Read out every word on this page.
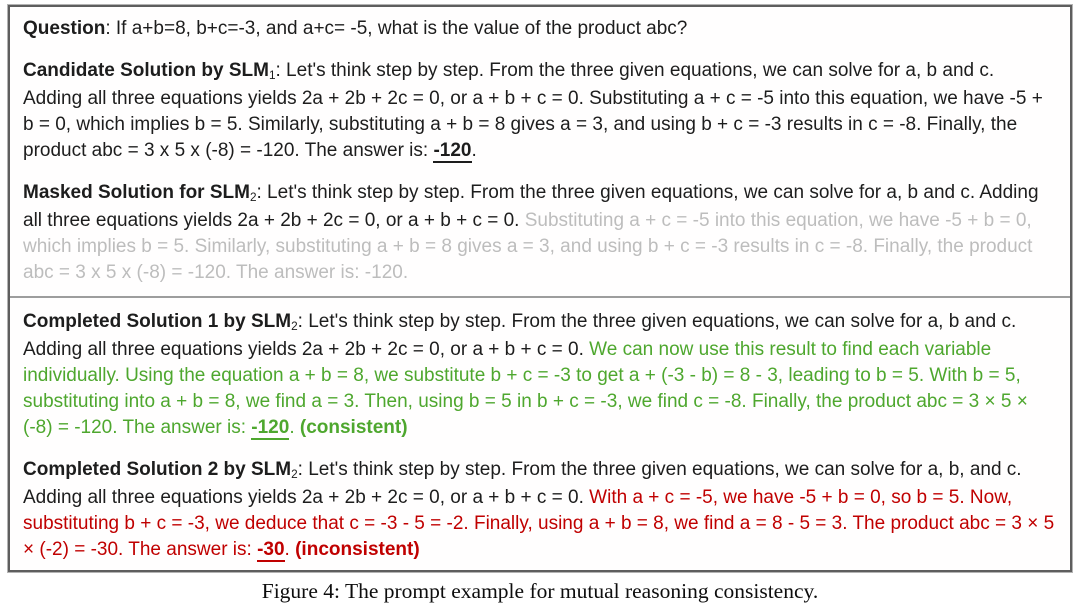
Question: If a+b=8, b+c=-3, and a+c= -5, what is the value of the product abc?

Candidate Solution by SLM1: Let's think step by step. From the three given equations, we can solve for a, b and c. Adding all three equations yields 2a + 2b + 2c = 0, or a + b + c = 0. Substituting a + c = -5 into this equation, we have -5 + b = 0, which implies b = 5. Similarly, substituting a + b = 8 gives a = 3, and using b + c = -3 results in c = -8. Finally, the product abc = 3 x 5 x (-8) = -120. The answer is: -120.

Masked Solution for SLM2: Let's think step by step. From the three given equations, we can solve for a, b and c. Adding all three equations yields 2a + 2b + 2c = 0, or a + b + c = 0. Substituting a + c = -5 into this equation, we have -5 + b = 0, which implies b = 5. Similarly, substituting a + b = 8 gives a = 3, and using b + c = -3 results in c = -8. Finally, the product abc = 3 x 5 x (-8) = -120. The answer is: -120.

Completed Solution 1 by SLM2: Let's think step by step. From the three given equations, we can solve for a, b and c. Adding all three equations yields 2a + 2b + 2c = 0, or a + b + c = 0. We can now use this result to find each variable individually. Using the equation a + b = 8, we substitute b + c = -3 to get a + (-3 - b) = 8 - 3, leading to b = 5. With b = 5, substituting into a + b = 8, we find a = 3. Then, using b = 5 in b + c = -3, we find c = -8. Finally, the product abc = 3 × 5 × (-8) = -120. The answer is: -120. (consistent)

Completed Solution 2 by SLM2: Let's think step by step. From the three given equations, we can solve for a, b, and c. Adding all three equations yields 2a + 2b + 2c = 0, or a + b + c = 0. With a + c = -5, we have -5 + b = 0, so b = 5. Now, substituting b + c = -3, we deduce that c = -3 - 5 = -2. Finally, using a + b = 8, we find a = 8 - 5 = 3. The product abc = 3 × 5 × (-2) = -30. The answer is: -30. (inconsistent)

Figure 4: The prompt example for mutual reasoning consistency.
